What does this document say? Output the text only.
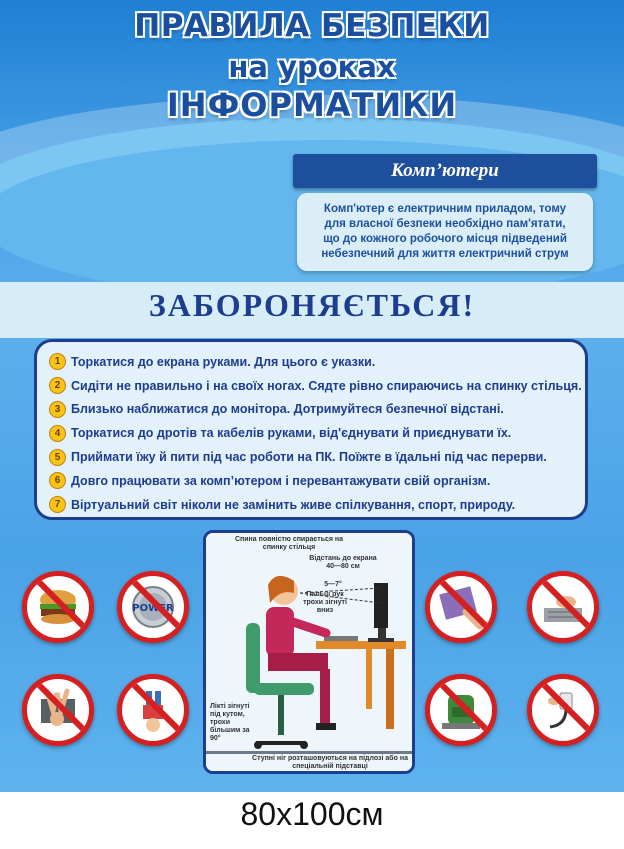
ПРАВИЛА БЕЗПЕКИ
на уроках
ІНФОРМАТИКИ
Комп’ютери
Комп'ютер є електричним приладом, тому
для власної безпеки необхідно пам'ятати,
що до кожного робочого місця підведений
небезпечний для життя електричний струм
ЗАБОРОНЯЄТЬСЯ!
1 Торкатися до екрана руками. Для цього є указки.
2 Сидіти не правильно і на своїх ногах. Сядте рівно спираючись на спинку стільця.
3 Близько наближатися до монітора. Дотримуйтеся безпечної відстані.
4 Торкатися до дротів та кабелів руками, від'єднувати й приєднувати їх.
5 Приймати їжу й пити під час роботи на ПК. Поїжте в їдальні під час перерви.
6 Довго працювати за комп’ютером і перевантажувати свій організм.
7 Віртуальний світ ніколи не замінить живе спілкування, спорт, природу.
POWER
Спина повністю спирається на спинку стільця
Відстань до екрана 40—80 см
5—7°
Пальці рук трохи зігнуті вниз
Лікті зігнуті під кутом, трохи більшим за 90°
Ступні ніг розташовуються на підлозі або на спеціальній підставці
80x100см
